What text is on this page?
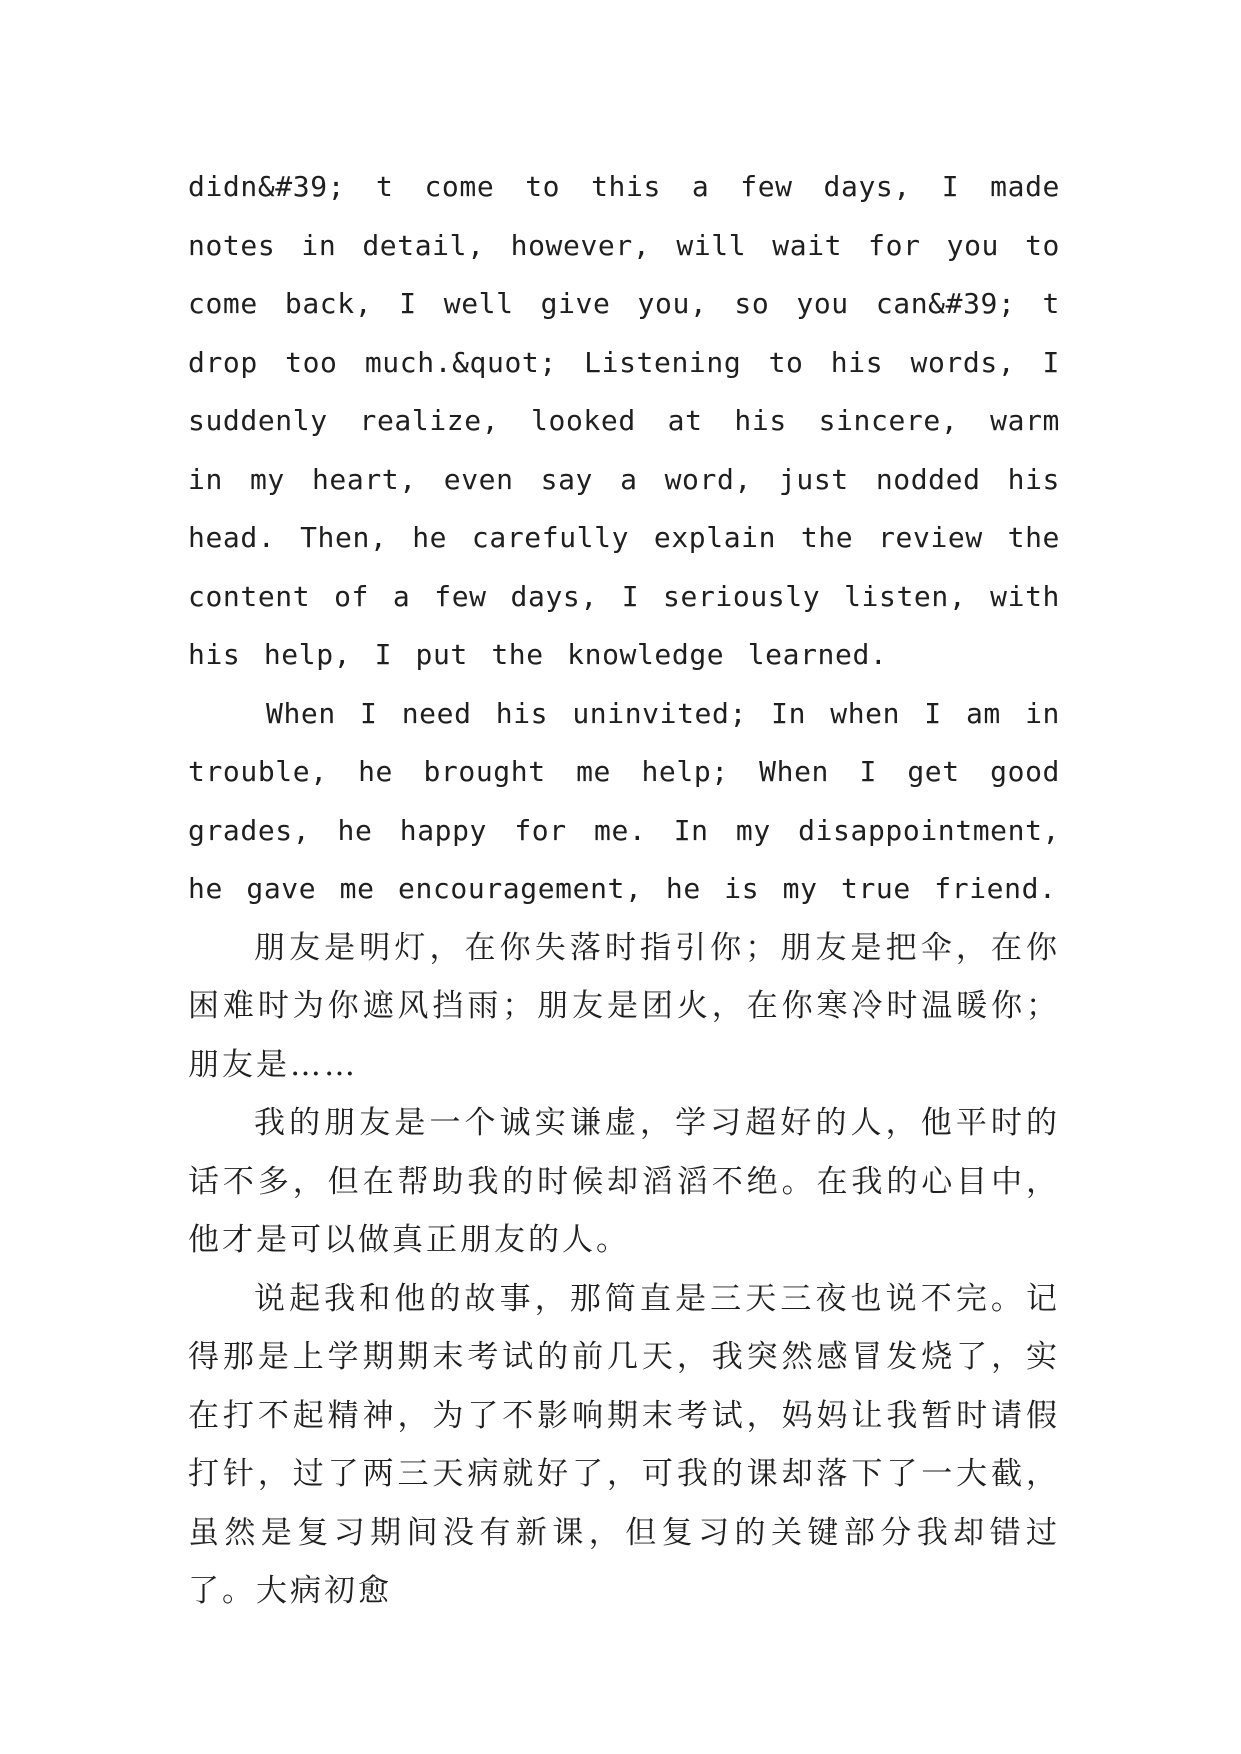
didn&#39; t come to this a few days, I made notes in detail, however, will wait for you to come back, I well give you, so you can&#39; t drop too much.&quot; Listening to his words, I suddenly realize, looked at his sincere, warm in my heart, even say a word, just nodded his head. Then, he carefully explain the review the content of a few days, I seriously listen, with his help, I put the knowledge learned.

When I need his uninvited; In when I am in trouble, he brought me help; When I get good grades, he happy for me. In my disappointment, he gave me encouragement, he is my true friend.

朋友是明灯，在你失落时指引你；朋友是把伞，在你困难时为你遮风挡雨；朋友是团火，在你寒冷时温暖你；朋友是……

我的朋友是一个诚实谦虚，学习超好的人，他平时的话不多，但在帮助我的时候却滔滔不绝。在我的心目中，他才是可以做真正朋友的人。

说起我和他的故事，那简直是三天三夜也说不完。记得那是上学期期末考试的前几天，我突然感冒发烧了，实在打不起精神，为了不影响期末考试，妈妈让我暂时请假打针，过了两三天病就好了，可我的课却落下了一大截，虽然是复习期间没有新课，但复习的关键部分我却错过了。大病初愈
